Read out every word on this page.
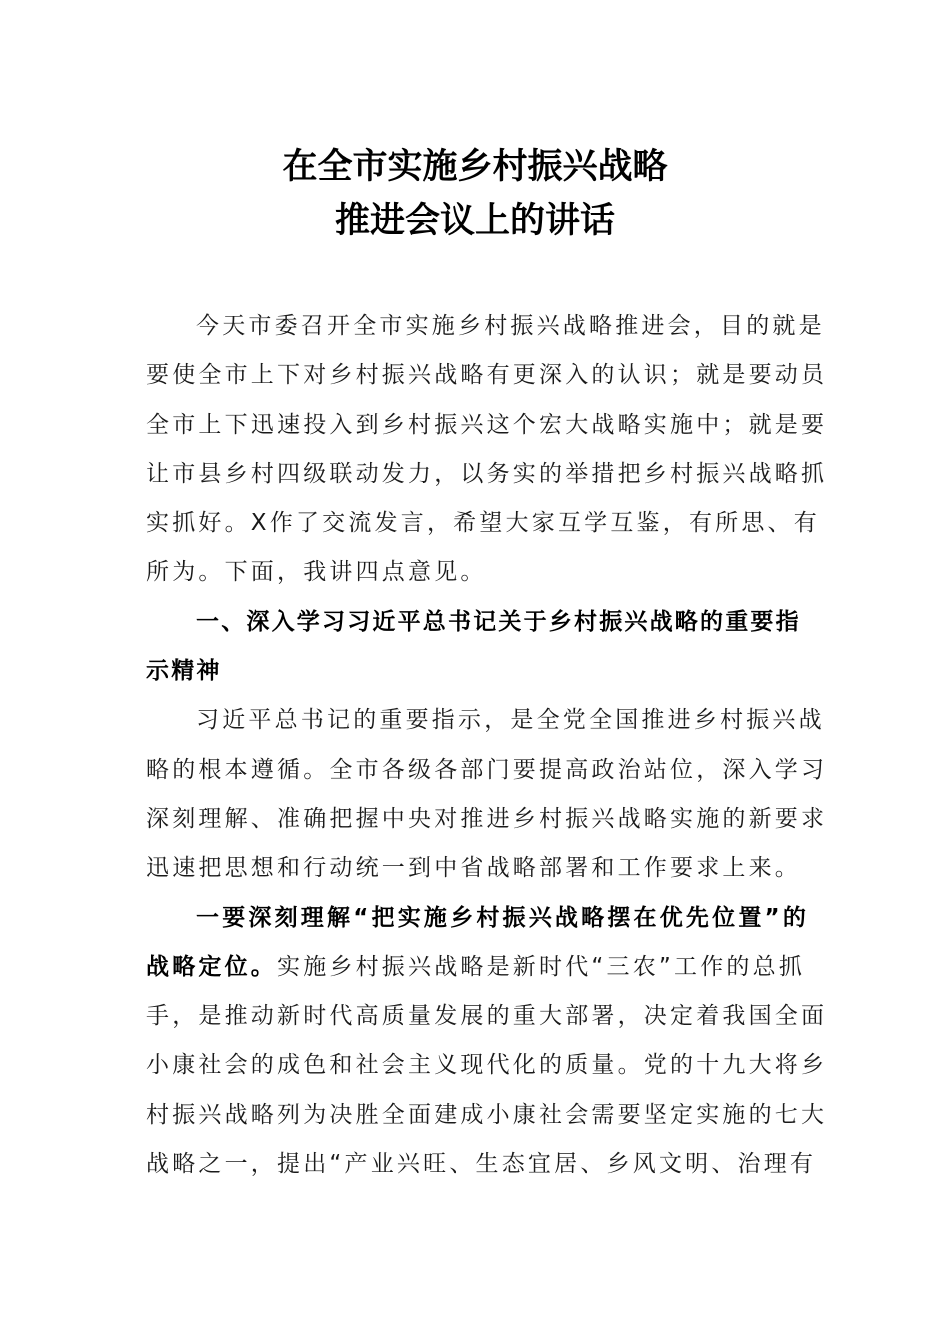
在全市实施乡村振兴战略
推进会议上的讲话
今天市委召开全市实施乡村振兴战略推进会，目的就是
要使全市上下对乡村振兴战略有更深入的认识；就是要动员
全市上下迅速投入到乡村振兴这个宏大战略实施中；就是要
让市县乡村四级联动发力，以务实的举措把乡村振兴战略抓
实抓好。X作了交流发言，希望大家互学互鉴，有所思、有
所为。下面，我讲四点意见。
一、深入学习习近平总书记关于乡村振兴战略的重要指
示精神
习近平总书记的重要指示，是全党全国推进乡村振兴战
略的根本遵循。全市各级各部门要提高政治站位，深入学习
深刻理解、准确把握中央对推进乡村振兴战略实施的新要求
迅速把思想和行动统一到中省战略部署和工作要求上来。
一要深刻理解“把实施乡村振兴战略摆在优先位置”的
战略定位。实施乡村振兴战略是新时代“三农”工作的总抓
手，是推动新时代高质量发展的重大部署，决定着我国全面
小康社会的成色和社会主义现代化的质量。党的十九大将乡
村振兴战略列为决胜全面建成小康社会需要坚定实施的七大
战略之一，提出“产业兴旺、生态宜居、乡风文明、治理有
